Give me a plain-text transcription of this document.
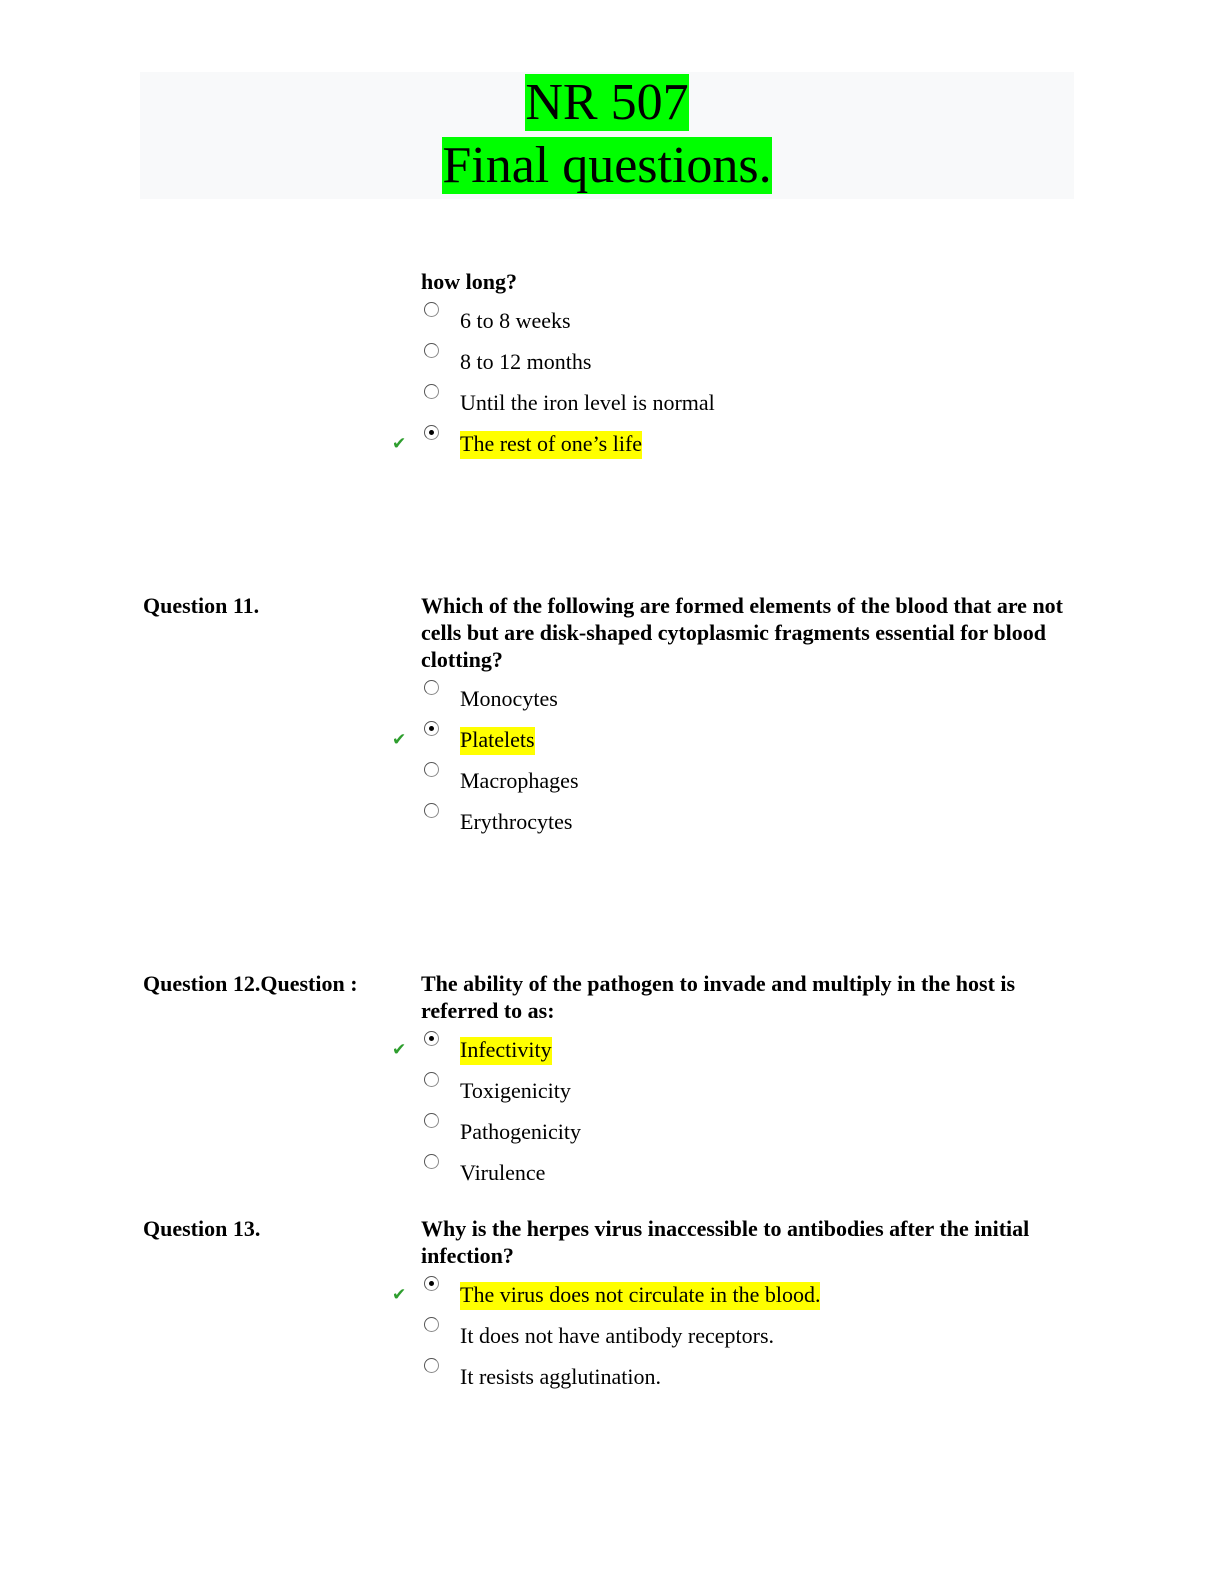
NR 507
Final questions.
how long?
6 to 8 weeks
8 to 12 months
Until the iron level is normal
✔ The rest of one’s life
Question 11.	Which of the following are formed elements of the blood that are not cells but are disk-shaped cytoplasmic fragments essential for blood clotting?
Monocytes
✔ Platelets
Macrophages
Erythrocytes
Question 12.Question :	The ability of the pathogen to invade and multiply in the host is referred to as:
✔ Infectivity
Toxigenicity
Pathogenicity
Virulence
Question 13.	Why is the herpes virus inaccessible to antibodies after the initial infection?
✔ The virus does not circulate in the blood.
It does not have antibody receptors.
It resists agglutination.
